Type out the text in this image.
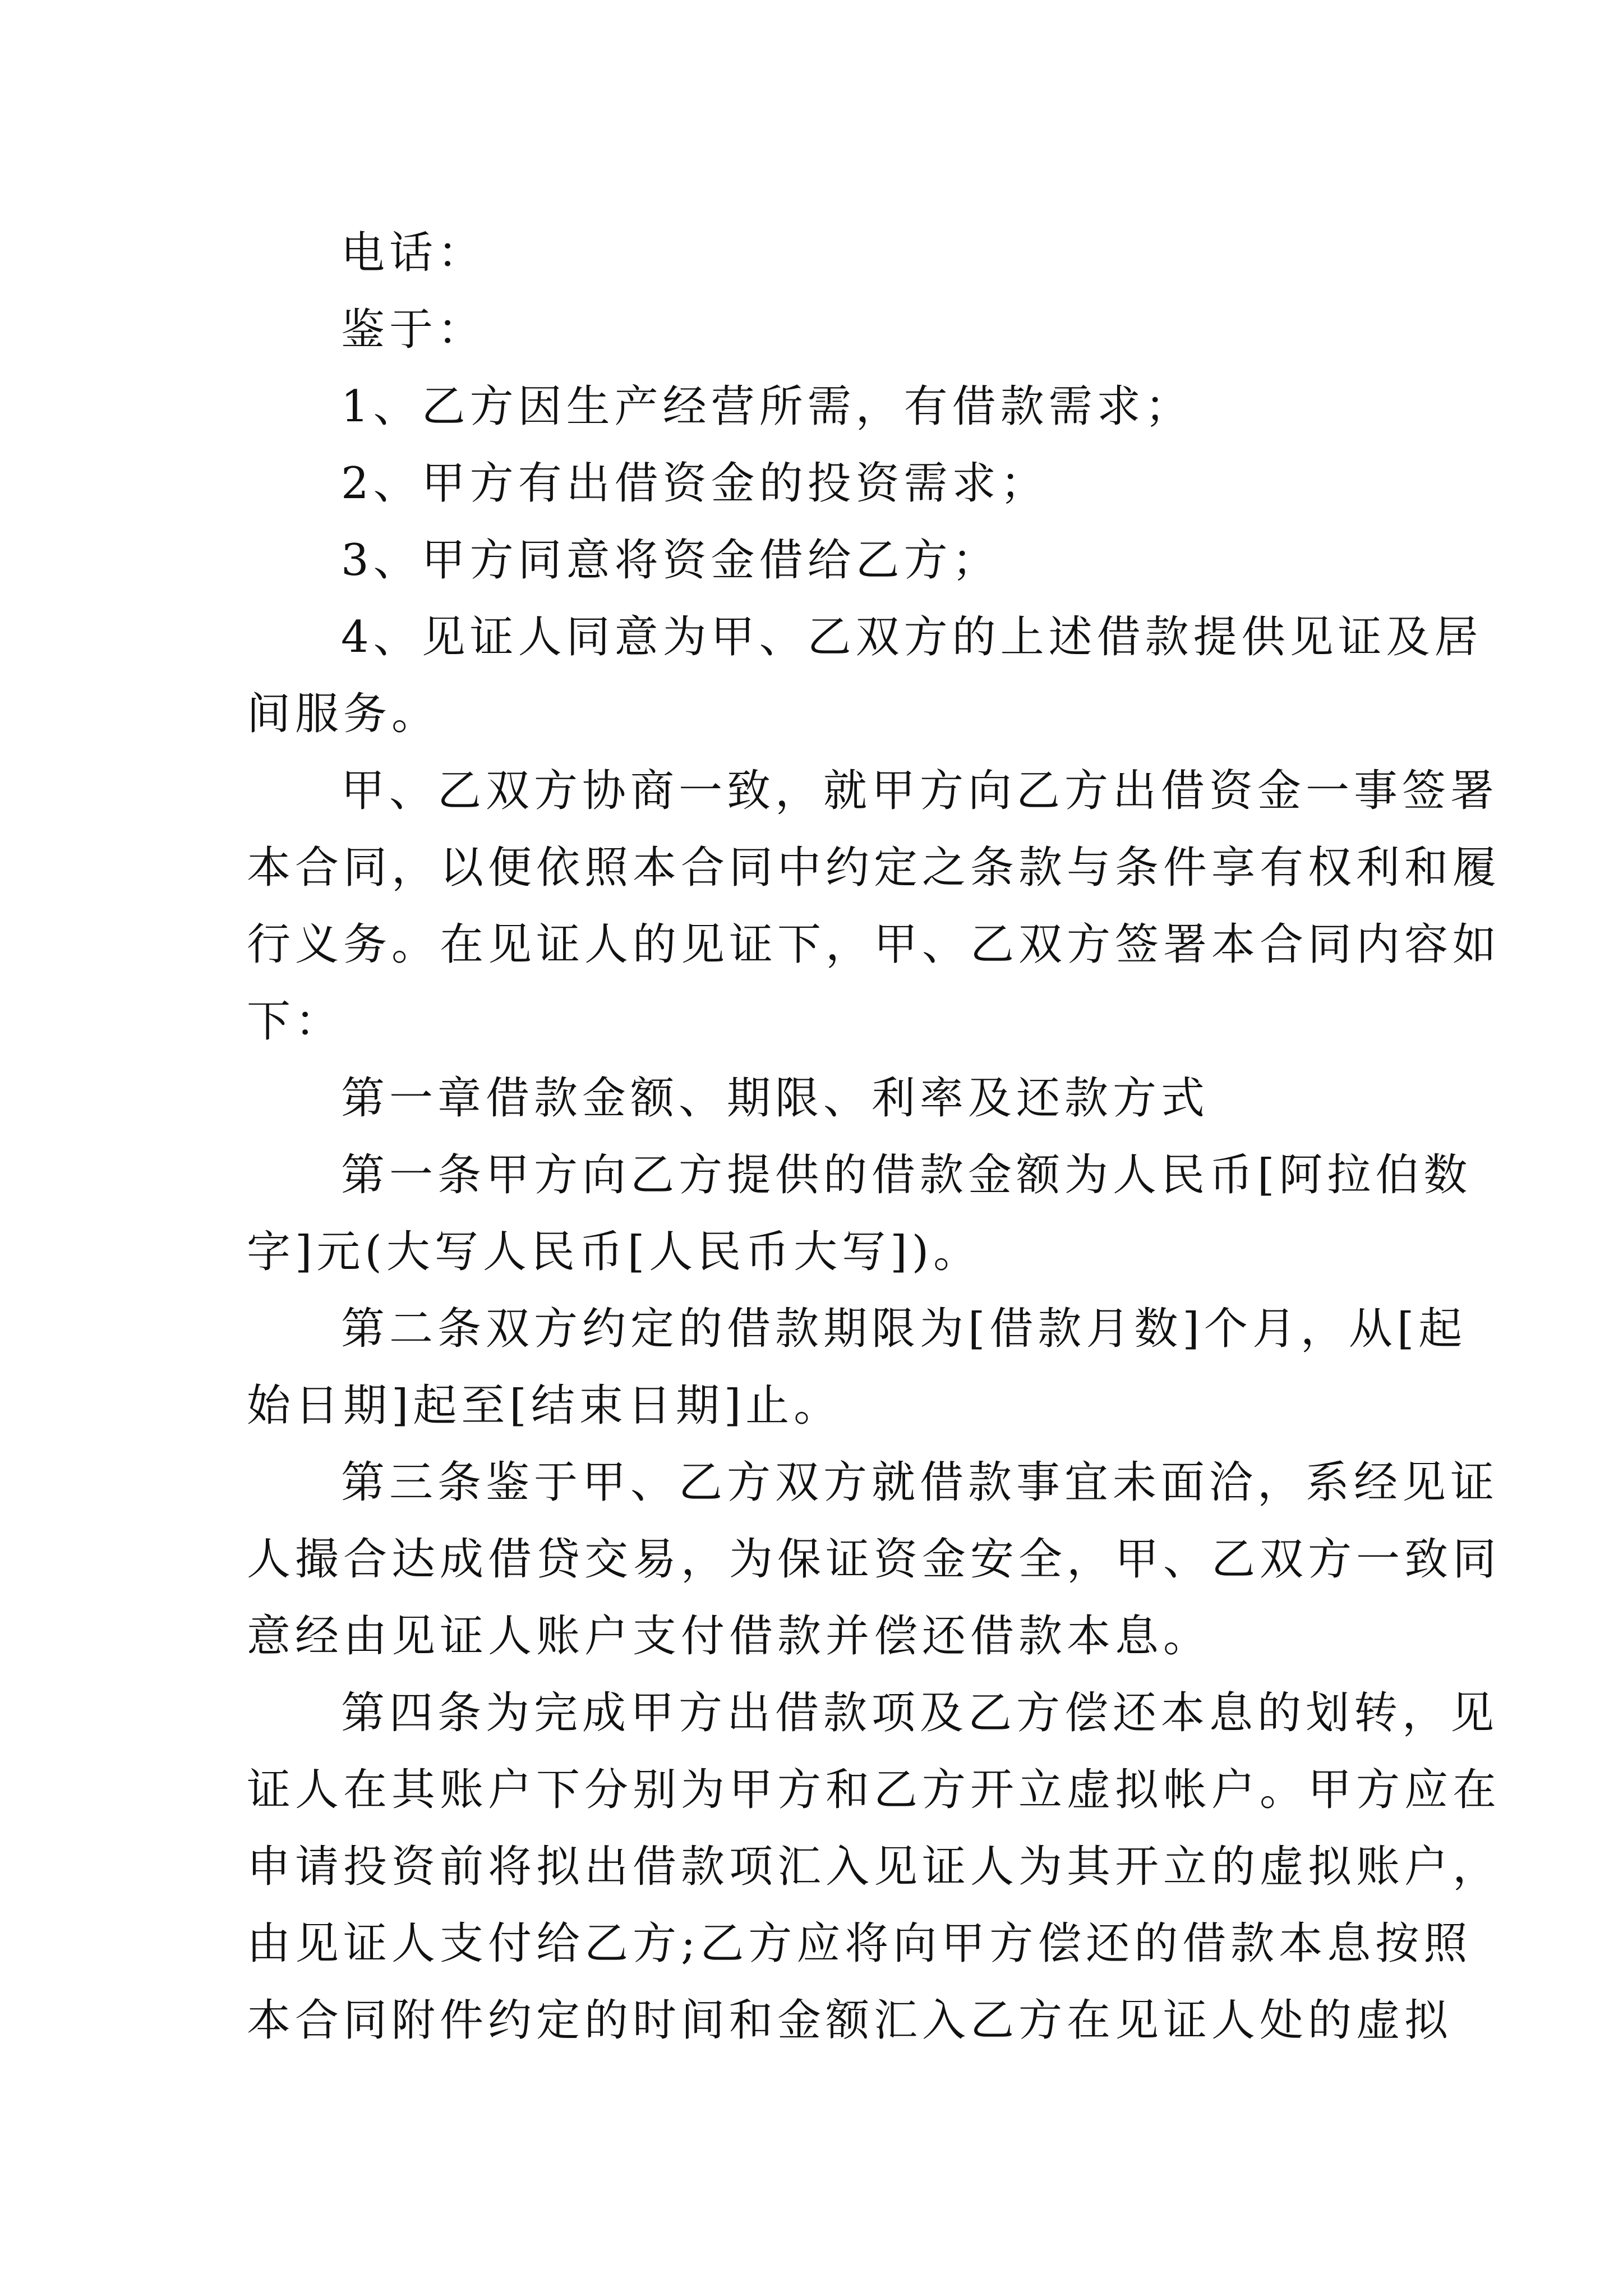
电话：
鉴于：
1、乙方因生产经营所需，有借款需求；
2、甲方有出借资金的投资需求；
3、甲方同意将资金借给乙方；
4、见证人同意为甲、乙双方的上述借款提供见证及居
间服务。
甲、乙双方协商一致，就甲方向乙方出借资金一事签署
本合同，以便依照本合同中约定之条款与条件享有权利和履
行义务。在见证人的见证下，甲、乙双方签署本合同内容如
下：
第一章借款金额、期限、利率及还款方式
第一条甲方向乙方提供的借款金额为人民币[阿拉伯数
字]元(大写人民币[人民币大写])。
第二条双方约定的借款期限为[借款月数]个月，从[起
始日期]起至[结束日期]止。
第三条鉴于甲、乙方双方就借款事宜未面洽，系经见证
人撮合达成借贷交易，为保证资金安全，甲、乙双方一致同
意经由见证人账户支付借款并偿还借款本息。
第四条为完成甲方出借款项及乙方偿还本息的划转，见
证人在其账户下分别为甲方和乙方开立虚拟帐户。甲方应在
申请投资前将拟出借款项汇入见证人为其开立的虚拟账户，
由见证人支付给乙方;乙方应将向甲方偿还的借款本息按照
本合同附件约定的时间和金额汇入乙方在见证人处的虚拟
